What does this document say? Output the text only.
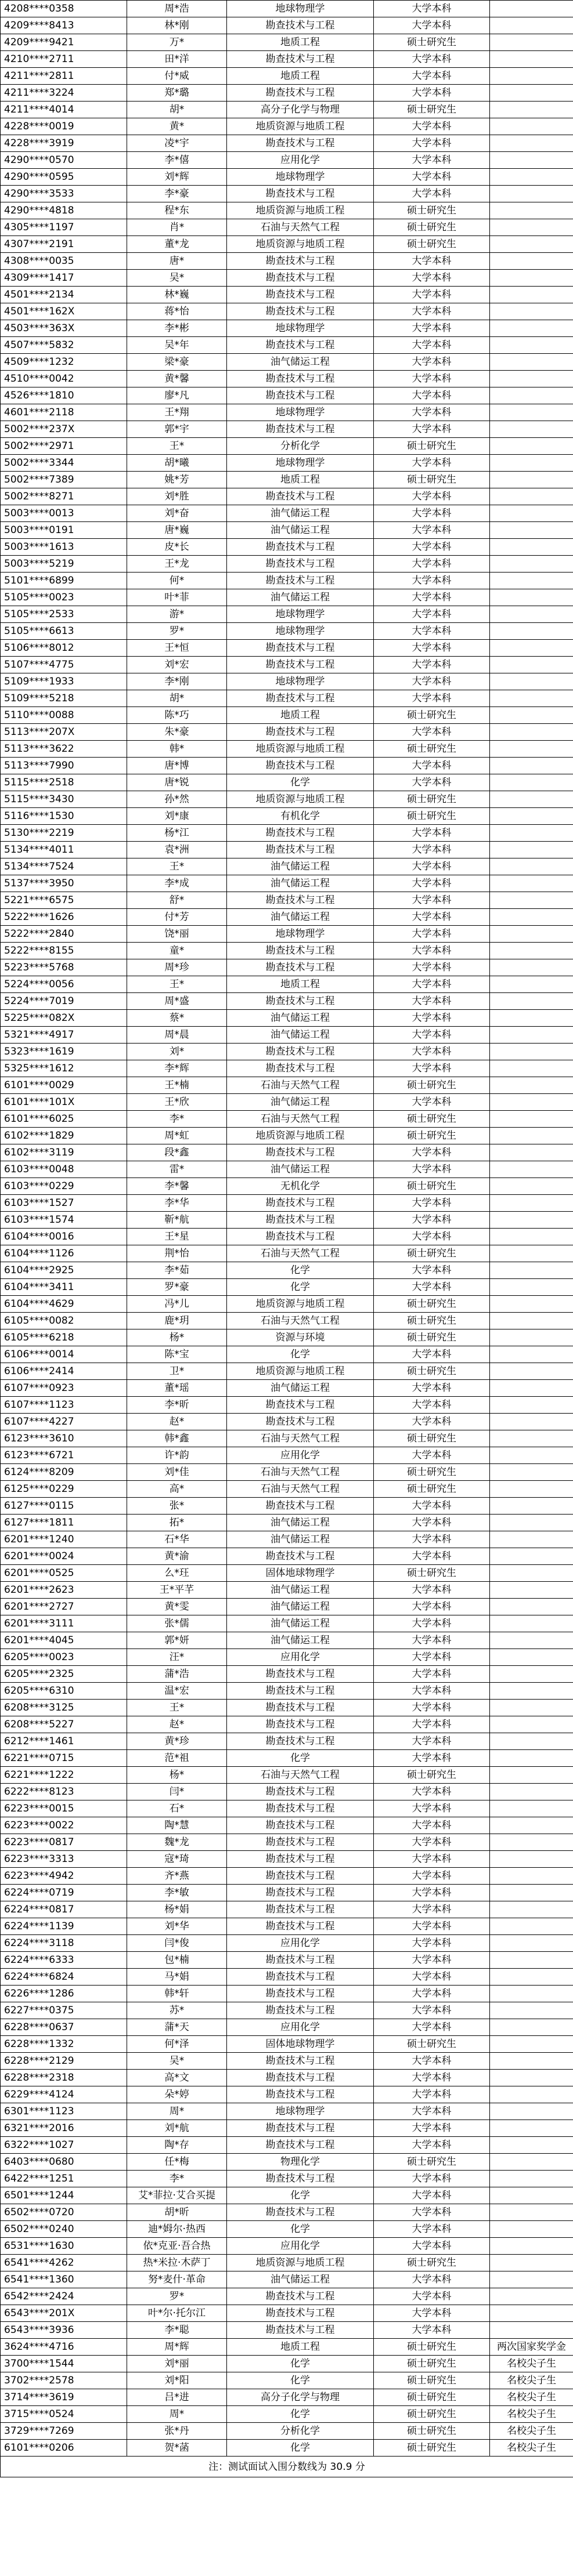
4208****0358	周*浩	地球物理学	大学本科	
4209****8413	林*刚	勘查技术与工程	大学本科	
4209****9421	万*	地质工程	硕士研究生	
4210****2711	田*洋	勘查技术与工程	大学本科	
4211****2811	付*威	地质工程	大学本科	
4211****3224	郑*璐	勘查技术与工程	大学本科	
4211****4014	胡*	高分子化学与物理	硕士研究生	
4228****0019	黄*	地质资源与地质工程	大学本科	
4228****3919	凌*宇	勘查技术与工程	大学本科	
4290****0570	李*僖	应用化学	大学本科	
4290****0595	刘*辉	地球物理学	大学本科	
4290****3533	李*豪	勘查技术与工程	大学本科	
4290****4818	程*东	地质资源与地质工程	硕士研究生	
4305****1197	肖*	石油与天然气工程	硕士研究生	
4307****2191	董*龙	地质资源与地质工程	硕士研究生	
4308****0035	唐*	勘查技术与工程	大学本科	
4309****1417	吴*	勘查技术与工程	大学本科	
4501****2134	林*巍	勘查技术与工程	大学本科	
4501****162X	蒋*怡	勘查技术与工程	大学本科	
4503****363X	李*彬	地球物理学	大学本科	
4507****5832	吴*年	勘查技术与工程	大学本科	
4509****1232	梁*豪	油气储运工程	大学本科	
4510****0042	黄*馨	勘查技术与工程	大学本科	
4526****1810	廖*凡	勘查技术与工程	大学本科	
4601****2118	王*翔	地球物理学	大学本科	
5002****237X	郭*宇	勘查技术与工程	大学本科	
5002****2971	王*	分析化学	硕士研究生	
5002****3344	胡*曦	地球物理学	大学本科	
5002****7389	姚*芳	地质工程	硕士研究生	
5002****8271	刘*胜	勘查技术与工程	大学本科	
5003****0013	刘*奋	油气储运工程	大学本科	
5003****0191	唐*巍	油气储运工程	大学本科	
5003****1613	皮*长	勘查技术与工程	大学本科	
5003****5219	王*龙	勘查技术与工程	大学本科	
5101****6899	何*	勘查技术与工程	大学本科	
5105****0023	叶*菲	油气储运工程	大学本科	
5105****2533	游*	地球物理学	大学本科	
5105****6613	罗*	地球物理学	大学本科	
5106****8012	王*恒	勘查技术与工程	大学本科	
5107****4775	刘*宏	勘查技术与工程	大学本科	
5109****1933	李*刚	地球物理学	大学本科	
5109****5218	胡*	勘查技术与工程	大学本科	
5110****0088	陈*巧	地质工程	硕士研究生	
5113****207X	朱*豪	勘查技术与工程	大学本科	
5113****3622	韩*	地质资源与地质工程	硕士研究生	
5113****7990	唐*博	勘查技术与工程	大学本科	
5115****2518	唐*锐	化学	大学本科	
5115****3430	孙*然	地质资源与地质工程	硕士研究生	
5116****1530	刘*康	有机化学	硕士研究生	
5130****2219	杨*江	勘查技术与工程	大学本科	
5134****4011	袁*洲	勘查技术与工程	大学本科	
5134****7524	王*	油气储运工程	大学本科	
5137****3950	李*成	油气储运工程	大学本科	
5221****6575	舒*	勘查技术与工程	大学本科	
5222****1626	付*芳	油气储运工程	大学本科	
5222****2840	饶*丽	地球物理学	大学本科	
5222****8155	童*	勘查技术与工程	大学本科	
5223****5768	周*珍	勘查技术与工程	大学本科	
5224****0056	王*	地质工程	大学本科	
5224****7019	周*盛	勘查技术与工程	大学本科	
5225****082X	蔡*	油气储运工程	大学本科	
5321****4917	周*晨	油气储运工程	大学本科	
5323****1619	刘*	勘查技术与工程	大学本科	
5325****1612	李*辉	勘查技术与工程	大学本科	
6101****0029	王*楠	石油与天然气工程	硕士研究生	
6101****101X	王*欣	油气储运工程	大学本科	
6101****6025	李*	石油与天然气工程	硕士研究生	
6102****1829	周*虹	地质资源与地质工程	硕士研究生	
6102****3119	段*鑫	勘查技术与工程	大学本科	
6103****0048	雷*	油气储运工程	大学本科	
6103****0229	李*馨	无机化学	硕士研究生	
6103****1527	李*华	勘查技术与工程	大学本科	
6103****1574	靳*航	勘查技术与工程	大学本科	
6104****0016	王*星	勘查技术与工程	大学本科	
6104****1126	荆*怡	石油与天然气工程	硕士研究生	
6104****2925	李*茹	化学	大学本科	
6104****3411	罗*豪	化学	大学本科	
6104****4629	冯*儿	地质资源与地质工程	硕士研究生	
6105****0082	鹿*玥	石油与天然气工程	硕士研究生	
6105****6218	杨*	资源与环境	硕士研究生	
6106****0014	陈*宝	化学	大学本科	
6106****2414	卫*	地质资源与地质工程	硕士研究生	
6107****0923	董*瑶	油气储运工程	大学本科	
6107****1123	李*昕	勘查技术与工程	大学本科	
6107****4227	赵*	勘查技术与工程	大学本科	
6123****3610	韩*鑫	石油与天然气工程	硕士研究生	
6123****6721	许*韵	应用化学	大学本科	
6124****8209	刘*佳	石油与天然气工程	硕士研究生	
6125****0229	高*	石油与天然气工程	硕士研究生	
6127****0115	张*	勘查技术与工程	大学本科	
6127****1811	拓*	油气储运工程	大学本科	
6201****1240	石*华	油气储运工程	大学本科	
6201****0024	黄*渝	勘查技术与工程	大学本科	
6201****0525	么*玨	固体地球物理学	硕士研究生	
6201****2623	王*平芊	油气储运工程	大学本科	
6201****2727	黄*雯	油气储运工程	大学本科	
6201****3111	张*儒	油气储运工程	大学本科	
6201****4045	郭*妍	油气储运工程	大学本科	
6205****0023	汪*	应用化学	大学本科	
6205****2325	蒲*浩	勘查技术与工程	大学本科	
6205****6310	温*宏	勘查技术与工程	大学本科	
6208****3125	王*	勘查技术与工程	大学本科	
6208****5227	赵*	勘查技术与工程	大学本科	
6212****1461	黄*珍	勘查技术与工程	大学本科	
6221****0715	范*祖	化学	大学本科	
6221****1222	杨*	石油与天然气工程	硕士研究生	
6222****8123	闫*	勘查技术与工程	大学本科	
6223****0015	石*	勘查技术与工程	大学本科	
6223****0022	陶*慧	勘查技术与工程	大学本科	
6223****0817	魏*龙	勘查技术与工程	大学本科	
6223****3313	寇*琦	勘查技术与工程	大学本科	
6223****4942	齐*燕	勘查技术与工程	大学本科	
6224****0719	李*敏	勘查技术与工程	大学本科	
6224****0817	杨*娟	勘查技术与工程	大学本科	
6224****1139	刘*华	勘查技术与工程	大学本科	
6224****3118	闫*俊	应用化学	大学本科	
6224****6333	包*楠	勘查技术与工程	大学本科	
6224****6824	马*娟	勘查技术与工程	大学本科	
6226****1286	韩*轩	勘查技术与工程	大学本科	
6227****0375	苏*	勘查技术与工程	大学本科	
6228****0637	蒲*天	应用化学	大学本科	
6228****1332	何*泽	固体地球物理学	硕士研究生	
6228****2129	吴*	勘查技术与工程	大学本科	
6228****2318	高*文	勘查技术与工程	大学本科	
6229****4124	朵*婷	勘查技术与工程	大学本科	
6301****1123	周*	地球物理学	大学本科	
6321****2016	刘*航	勘查技术与工程	大学本科	
6322****1027	陶*存	勘查技术与工程	大学本科	
6403****0680	任*梅	物理化学	硕士研究生	
6422****1251	李*	勘查技术与工程	大学本科	
6501****1244	艾*菲拉·艾合买提	化学	大学本科	
6502****0720	胡*昕	勘查技术与工程	大学本科	
6502****0240	迪*姆尔·热西	化学	大学本科	
6531****1630	依*克亚·吾合热	应用化学	大学本科	
6541****4262	热*米拉·木萨丁	地质资源与地质工程	硕士研究生	
6541****1360	努*麦什·革命	油气储运工程	大学本科	
6542****2424	罗*	勘查技术与工程	大学本科	
6543****201X	叶*尔·托尔江	勘查技术与工程	大学本科	
6543****3936	李*聪	勘查技术与工程	大学本科	
3624****4716	周*辉	地质工程	硕士研究生	两次国家奖学金
3700****1544	刘*丽	化学	硕士研究生	名校尖子生
3702****2578	刘*阳	化学	硕士研究生	名校尖子生
3714****3619	吕*进	高分子化学与物理	硕士研究生	名校尖子生
3715****0524	周*	化学	硕士研究生	名校尖子生
3729****7269	张*丹	分析化学	硕士研究生	名校尖子生
6101****0206	贺*菡	化学	硕士研究生	名校尖子生
注：测试面试入围分数线为 30.9 分				
